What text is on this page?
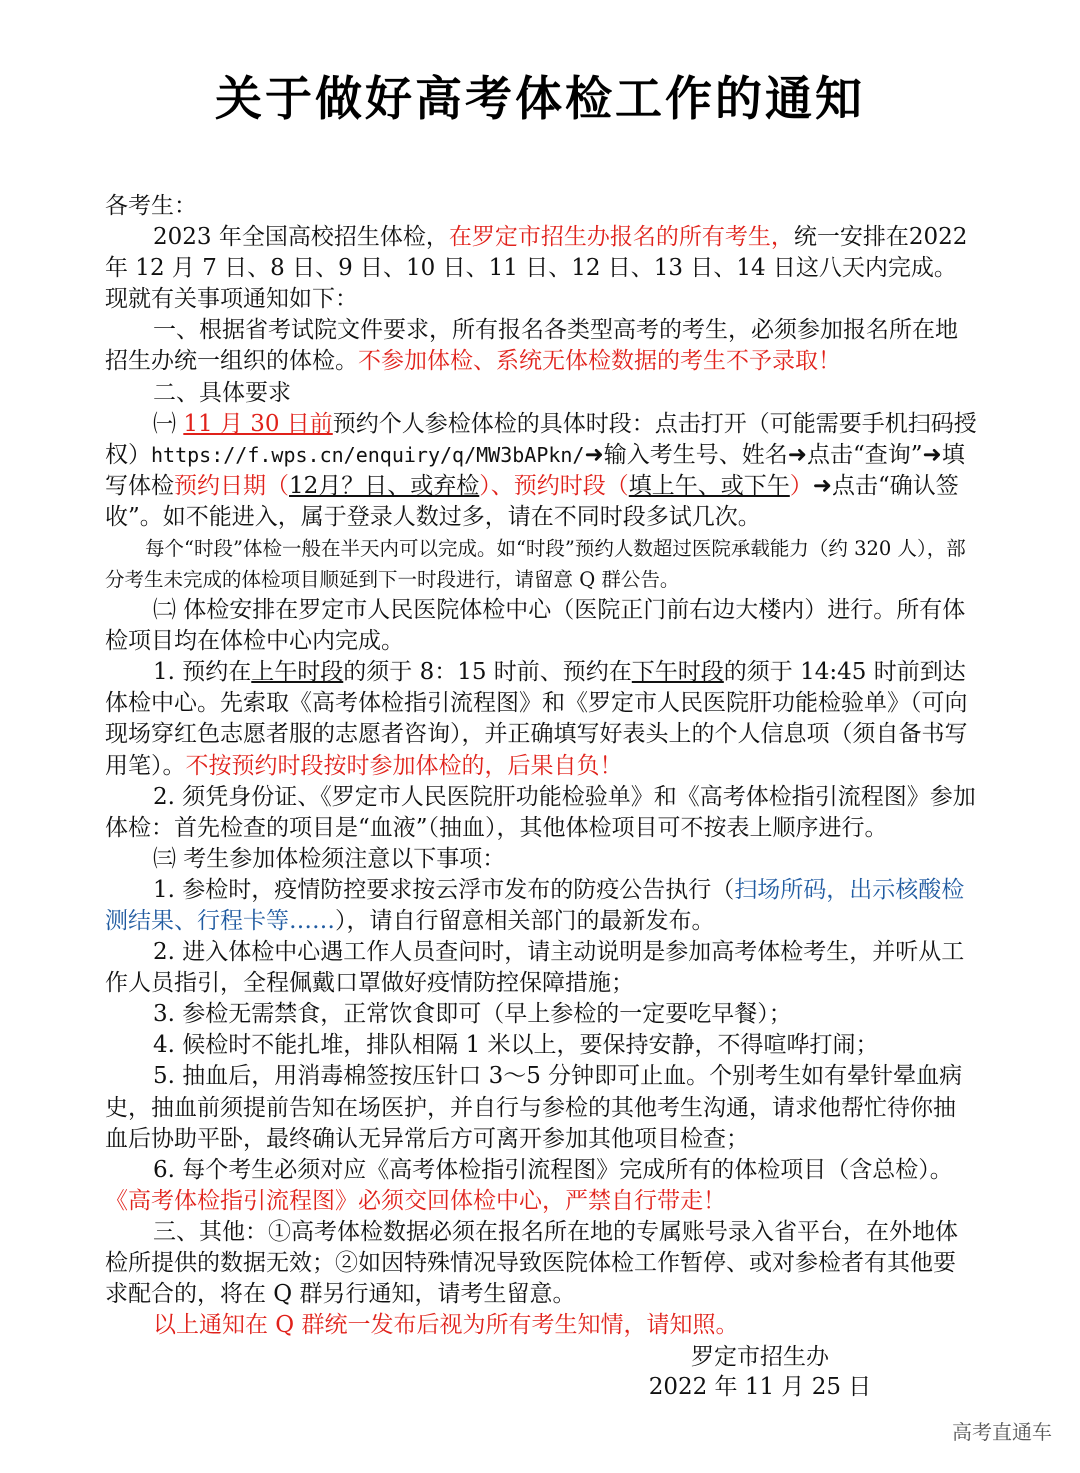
关于做好高考体检工作的通知

各考生：

2023 年全国高校招生体检，在罗定市招生办报名的所有考生，统一安排在2022 年 12 月 7 日、8 日、9 日、10 日、11 日、12 日、13 日、14 日这八天内完成。现就有关事项通知如下：

一、根据省考试院文件要求，所有报名各类型高考的考生，必须参加报名所在地招生办统一组织的体检。不参加体检、系统无体检数据的考生不予录取！

二、具体要求

㈠ 11 月 30 日前预约个人参检体检的具体时段：点击打开（可能需要手机扫码授权）https://f.wps.cn/enquiry/q/MW3bAPkn/➜输入考生号、姓名➜点击“查询”➜填写体检预约日期（12月？日、或弃检）、预约时段（填上午、或下午）➜点击“确认签收”。如不能进入，属于登录人数过多，请在不同时段多试几次。

每个“时段”体检一般在半天内可以完成。如“时段”预约人数超过医院承载能力（约 320 人），部分考生未完成的体检项目顺延到下一时段进行，请留意 Q 群公告。

㈡ 体检安排在罗定市人民医院体检中心（医院正门前右边大楼内）进行。所有体检项目均在体检中心内完成。

1. 预约在上午时段的须于 8：15 时前、预约在下午时段的须于 14:45 时前到达体检中心。先索取《高考体检指引流程图》和《罗定市人民医院肝功能检验单》（可向现场穿红色志愿者服的志愿者咨询），并正确填写好表头上的个人信息项（须自备书写用笔）。不按预约时段按时参加体检的，后果自负！

2. 须凭身份证、《罗定市人民医院肝功能检验单》和《高考体检指引流程图》参加体检：首先检查的项目是“血液”（抽血），其他体检项目可不按表上顺序进行。

㈢ 考生参加体检须注意以下事项：

1. 参检时，疫情防控要求按云浮市发布的防疫公告执行（扫场所码，出示核酸检测结果、行程卡等……），请自行留意相关部门的最新发布。

2. 进入体检中心遇工作人员查问时，请主动说明是参加高考体检考生，并听从工作人员指引，全程佩戴口罩做好疫情防控保障措施；

3. 参检无需禁食，正常饮食即可（早上参检的一定要吃早餐）；

4. 候检时不能扎堆，排队相隔 1 米以上，要保持安静，不得喧哗打闹；

5. 抽血后，用消毒棉签按压针口 3～5 分钟即可止血。个别考生如有晕针晕血病史，抽血前须提前告知在场医护，并自行与参检的其他考生沟通，请求他帮忙待你抽血后协助平卧，最终确认无异常后方可离开参加其他项目检查；

6. 每个考生必须对应《高考体检指引流程图》完成所有的体检项目（含总检）。《高考体检指引流程图》必须交回体检中心，严禁自行带走！

三、其他：①高考体检数据必须在报名所在地的专属账号录入省平台，在外地体检所提供的数据无效；②如因特殊情况导致医院体检工作暂停、或对参检者有其他要求配合的，将在 Q 群另行通知，请考生留意。

以上通知在 Q 群统一发布后视为所有考生知情，请知照。

罗定市招生办
2022 年 11 月 25 日
高考直通车
